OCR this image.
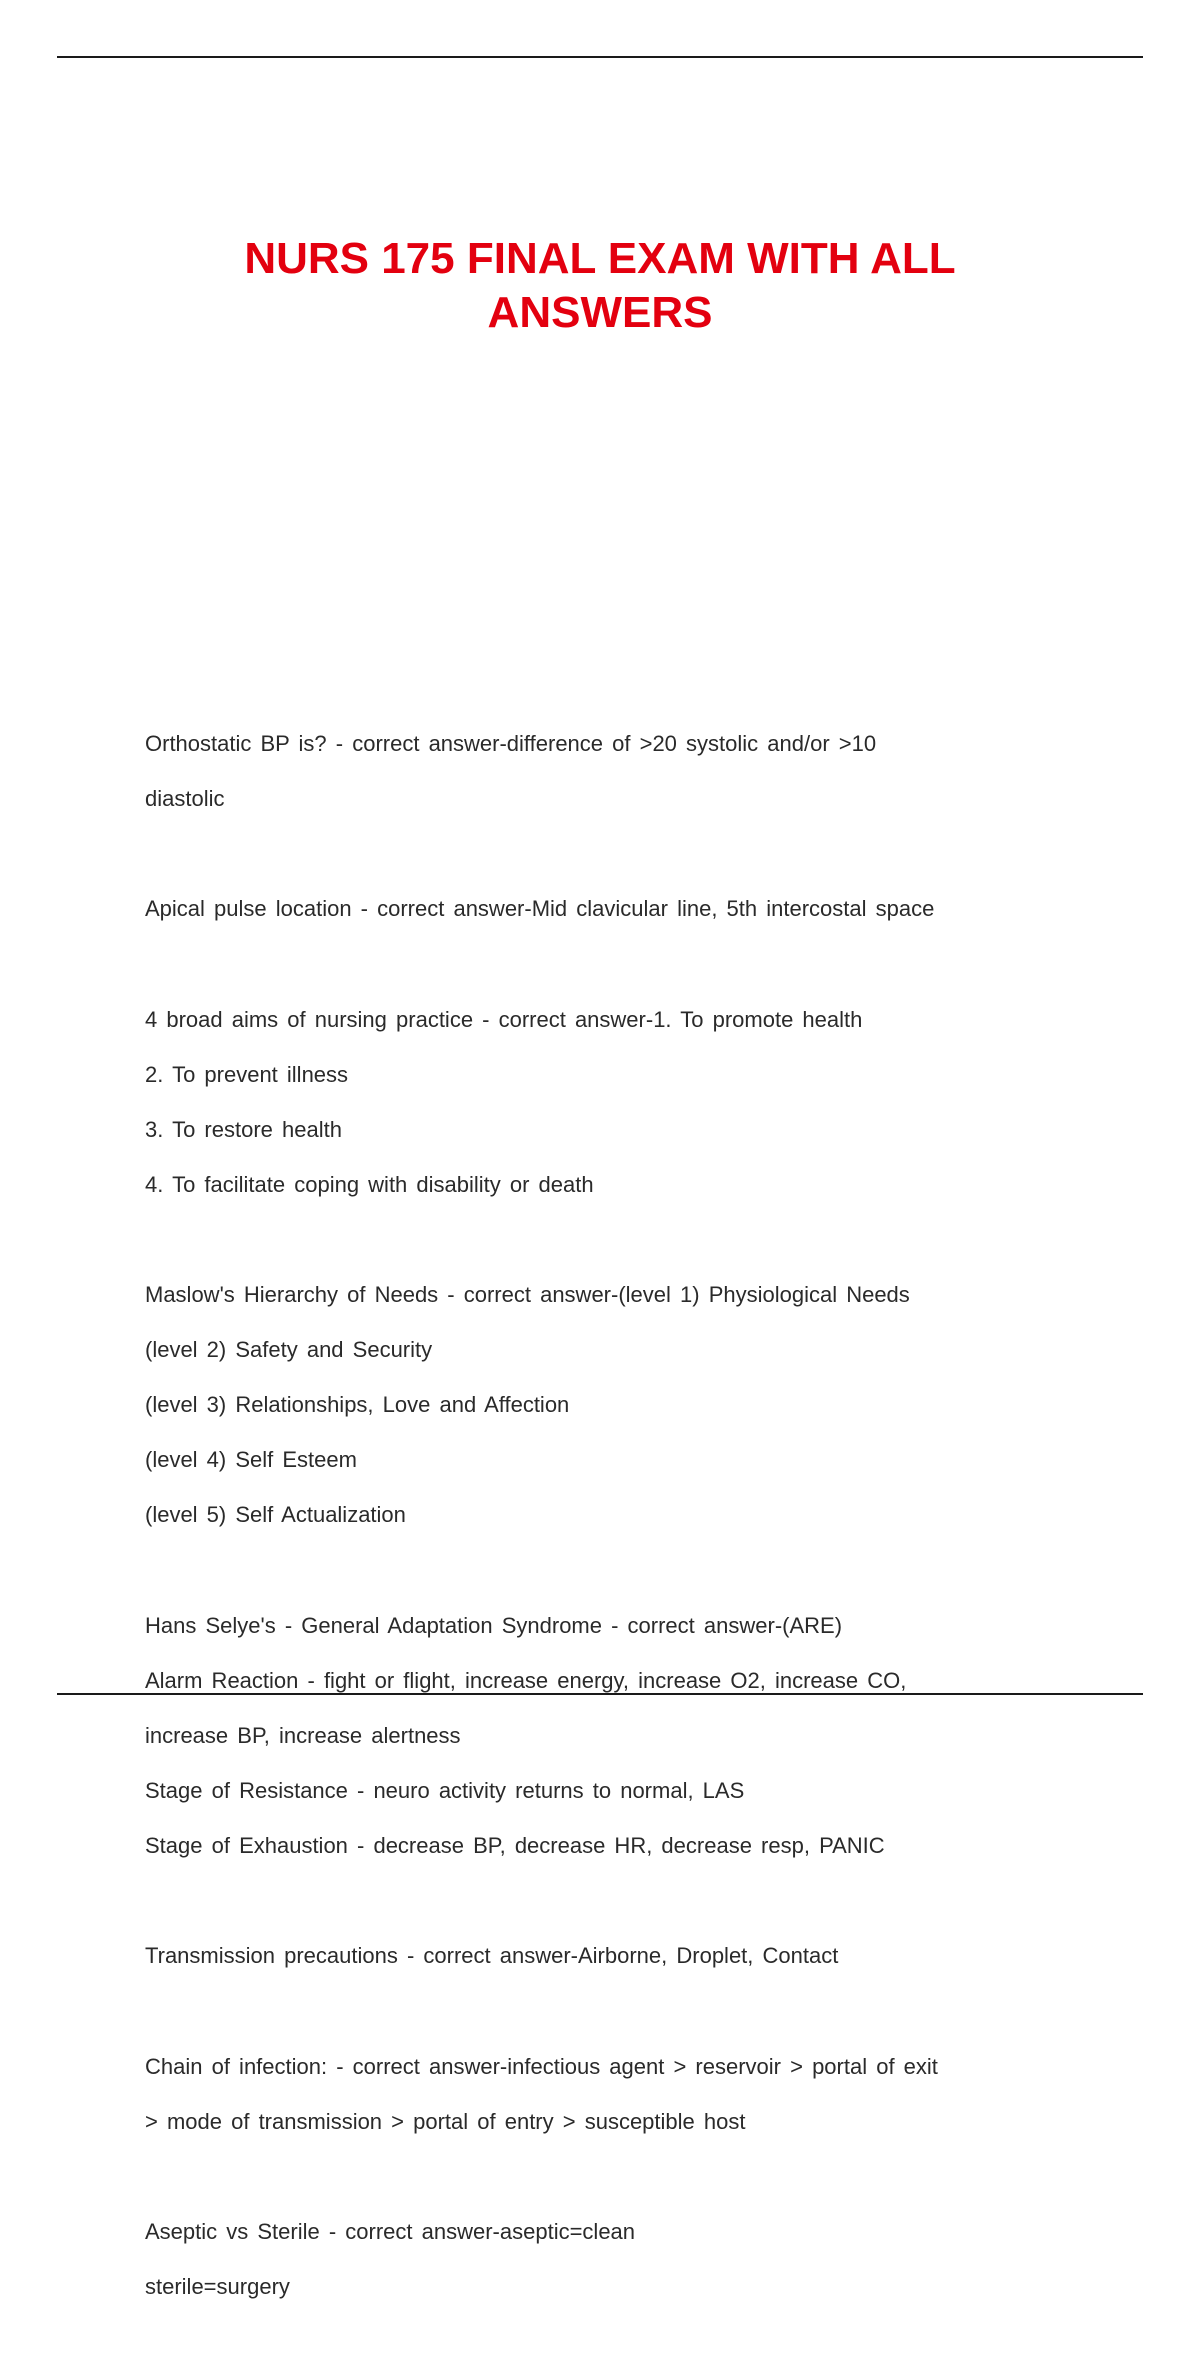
NURS 175 FINAL EXAM WITH ALL
ANSWERS

Orthostatic BP is? - correct answer-difference of >20 systolic and/or >10

diastolic

Apical pulse location - correct answer-Mid clavicular line, 5th intercostal space

4 broad aims of nursing practice - correct answer-1. To promote health

2. To prevent illness

3. To restore health

4. To facilitate coping with disability or death

Maslow's Hierarchy of Needs - correct answer-(level 1) Physiological Needs

(level 2) Safety and Security

(level 3) Relationships, Love and Affection

(level 4) Self Esteem

(level 5) Self Actualization

Hans Selye's - General Adaptation Syndrome - correct answer-(ARE)

Alarm Reaction - fight or flight, increase energy, increase O2, increase CO,

increase BP, increase alertness

Stage of Resistance - neuro activity returns to normal, LAS

Stage of Exhaustion - decrease BP, decrease HR, decrease resp, PANIC

Transmission precautions - correct answer-Airborne, Droplet, Contact

Chain of infection: - correct answer-infectious agent > reservoir > portal of exit

> mode of transmission > portal of entry > susceptible host

Aseptic vs Sterile - correct answer-aseptic=clean

sterile=surgery
